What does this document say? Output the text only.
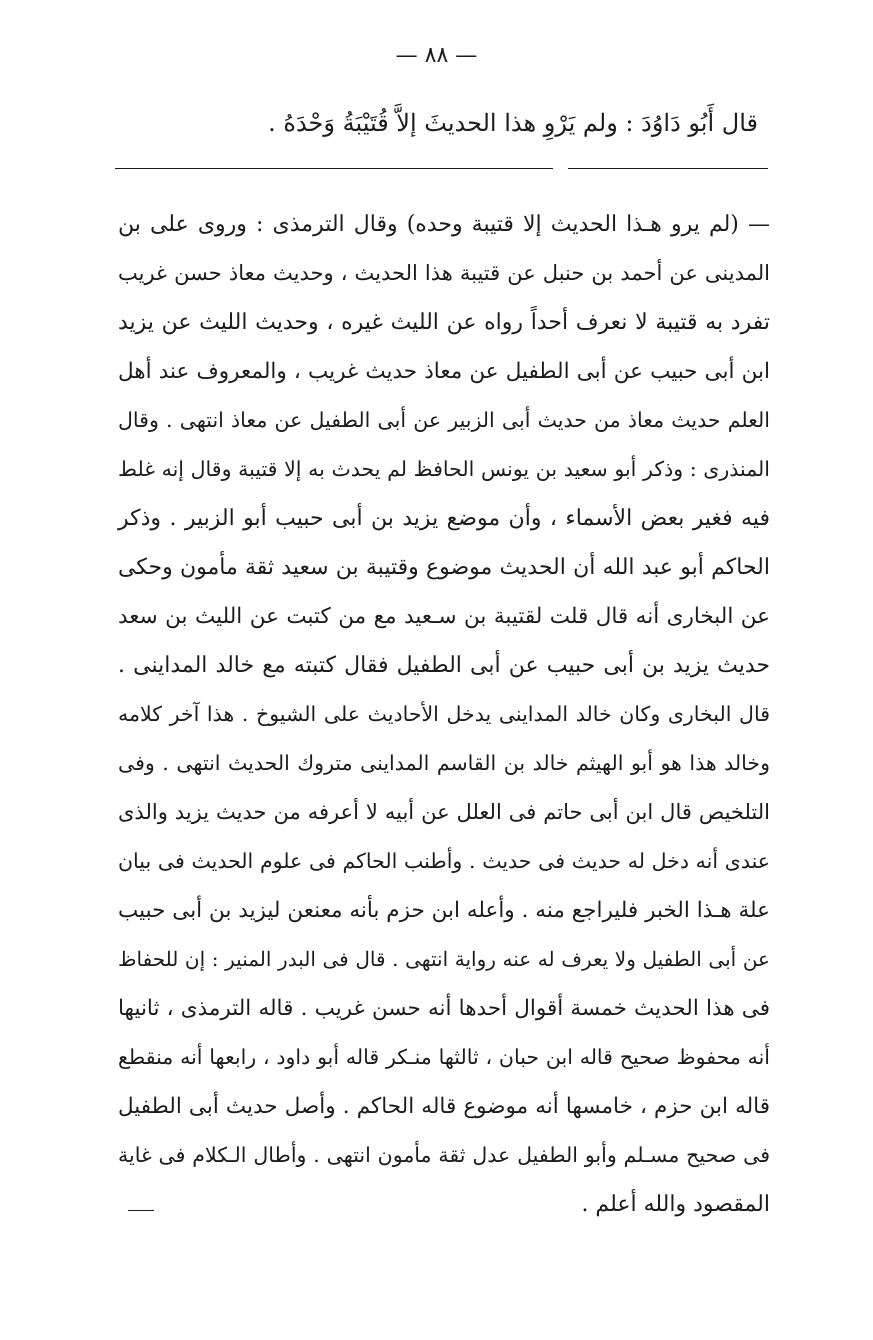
— ٨٨ —
قال أَبُو دَاوُدَ : ولم يَرْوِ هذا الحديثَ إلاَّ قُتَيْبَةُ وَحْدَهُ .
— (لم يرو هـذا الحديث إلا قتيبة وحده) وقال الترمذى : وروى على بن
المدينى عن أحمد بن حنبل عن قتيبة هذا الحديث ، وحديث معاذ حسن غريب
تفرد به قتيبة لا نعرف أحداً رواه عن الليث غيره ، وحديث الليث عن يزيد
ابن أبى حبيب عن أبى الطفيل عن معاذ حديث غريب ، والمعروف عند أهل
العلم حديث معاذ من حديث أبى الزبير عن أبى الطفيل عن معاذ انتهى . وقال
المنذرى : وذكر أبو سعيد بن يونس الحافظ لم يحدث به إلا قتيبة وقال إنه غلط
فيه فغير بعض الأسماء ، وأن موضع يزيد بن أبى حبيب أبو الزبير . وذكر
الحاكم أبو عبد الله أن الحديث موضوع وقتيبة بن سعيد ثقة مأمون وحكى
عن البخارى أنه قال قلت لقتيبة بن سـعيد مع من كتبت عن الليث بن سعد
حديث يزيد بن أبى حبيب عن أبى الطفيل فقال كتبته مع خالد المداينى .
قال البخارى وكان خالد المداينى يدخل الأحاديث على الشيوخ . هذا آخر كلامه
وخالد هذا هو أبو الهيثم خالد بن القاسم المداينى متروك الحديث انتهى . وفى
التلخيص قال ابن أبى حاتم فى العلل عن أبيه لا أعرفه من حديث يزيد والذى
عندى أنه دخل له حديث فى حديث . وأطنب الحاكم فى علوم الحديث فى بيان
علة هـذا الخبر فليراجع منه . وأعله ابن حزم بأنه معنعن ليزيد بن أبى حبيب
عن أبى الطفيل ولا يعرف له عنه رواية انتهى . قال فى البدر المنير : إن للحفاظ
فى هذا الحديث خمسة أقوال أحدها أنه حسن غريب . قاله الترمذى ، ثانيها
أنه محفوظ صحيح قاله ابن حبان ، ثالثها منـكر قاله أبو داود ، رابعها أنه منقطع
قاله ابن حزم ، خامسها أنه موضوع قاله الحاكم . وأصل حديث أبى الطفيل
فى صحيح مسـلم وأبو الطفيل عدل ثقة مأمون انتهى . وأطال الـكلام فى غاية
المقصود والله أعلم .
